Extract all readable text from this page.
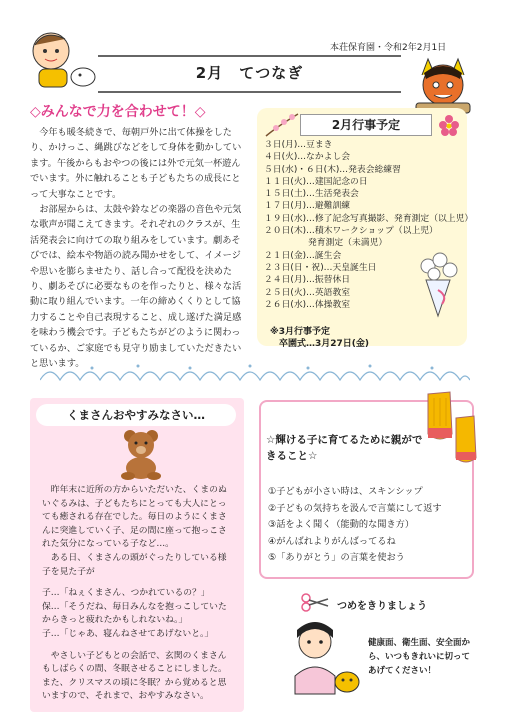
本荘保育園・令和2年2月1日
2月　てつなぎ
◇みんなで力を合わせて！◇

今年も暖冬続きで、毎朝戸外に出て体操をしたり、かけっこ、縄跳びなどをして身体を動かしています。午後からもおやつの後には外で元気一杯遊んでいます。外に触れることも子どもたちの成長にとって大事なことです。

お部屋からは、太鼓や鈴などの楽器の音色や元気な歌声が聞こえてきます。それぞれのクラスが、生活発表会に向けての取り組みをしています。劇あそびでは、絵本や物語の読み聞かせをして、イメージや思いを膨らませたり、話し合って配役を決めたり、劇あそびに必要なものを作ったりと、様々な活動に取り組んでいます。一年の締めくくりとして協力することや自己表現すること、成し遂げた満足感を味わう機会です。子どもたちがどのように関わっているか、ご家庭でも見守り励ましていただきたいと思います。

2月行事予定
３日(月)…豆まき
４日(火)…なかよし会
５日(水)・６日(木)…発表会総練習
１１日(火)…建国記念の日
１５日(土)…生活発表会
１７日(月)…避難訓練
１９日(水)…修了記念写真撮影、発育測定（以上児）
２０日(木)…積木ワークショップ（以上児）
　　　　　発育測定（未満児）
２１日(金)…誕生会
２３日(日・祝)…天皇誕生日
２４日(月)…振替休日
２５日(火)…英語教室
２６日(水)…体操教室
※3月行事予定
　卒園式…3月27日(金)
くまさんおやすみなさい…

　昨年末に近所の方からいただいた、くまのぬいぐるみは、子どもたちにとっても大人にとっても癒される存在でした。毎日のようにくまさんに突進していく子、足の間に座って抱っこされた気分になっている子など…。

　ある日、くまさんの頭がぐったりしている様子を見た子が

子…「ねぇくまさん、つかれているの？」

保…「そうだね、毎日みんなを抱っこしていたからきっと疲れたかもしれないね。」

子…「じゃあ、寝んねさせてあげないと。」

　やさしい子どもとの会話で、玄関のくまさんもしばらくの間、冬眠させることにしました。また、クリスマスの頃に冬眠？から覚めると思いますので、それまで、おやすみなさい。

☆輝ける子に育てるために親ができること☆
①子どもが小さい時は、スキンシップ
②子どもの気持ちを汲んで言葉にして返す
③話をよく聞く（能動的な聞き方）
④がんばれよりがんばってるね
⑤「ありがとう」の言葉を使おう
つめをきりましょう
健康面、衛生面、安全面から、いつもきれいに切ってあげてください！
